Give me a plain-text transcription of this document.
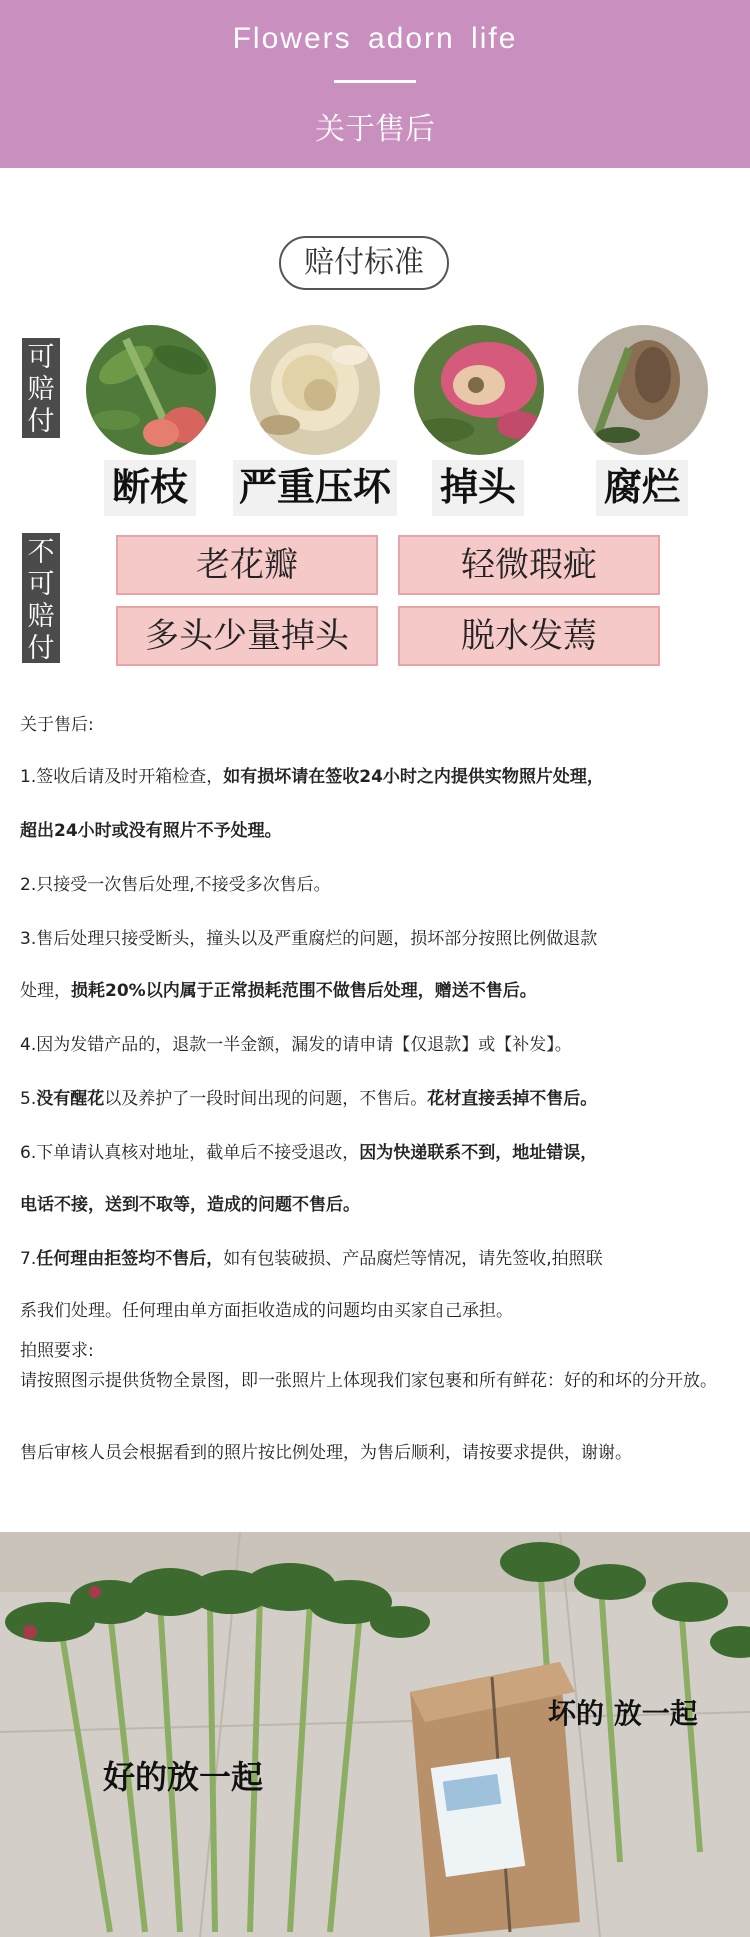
Flowers adorn life
关于售后
赔付标准
可
赔
付
断枝 严重压坏 掉头 腐烂
不
可
赔
付
老花瓣	轻微瑕疵
多头少量掉头	脱水发蔫

关于售后:

1.签收后请及时开箱检查，如有损坏请在签收24小时之内提供实物照片处理，

超出24小时或没有照片不予处理。

2.只接受一次售后处理,不接受多次售后。

3.售后处理只接受断头，撞头以及严重腐烂的问题，损坏部分按照比例做退款

处理，损耗20%以内属于正常损耗范围不做售后处理，赠送不售后。

4.因为发错产品的，退款一半金额，漏发的请申请【仅退款】或【补发】。

5.没有醒花以及养护了一段时间出现的问题，不售后。花材直接丢掉不售后。

6.下单请认真核对地址，截单后不接受退改，因为快递联系不到，地址错误，

电话不接，送到不取等，造成的问题不售后。

7.任何理由拒签均不售后，如有包装破损、产品腐烂等情况，请先签收,拍照联

系我们处理。任何理由单方面拒收造成的问题均由买家自己承担。

拍照要求:

请按照图示提供货物全景图，即一张照片上体现我们家包裹和所有鲜花：好的和坏的分开放。

售后审核人员会根据看到的照片按比例处理，为售后顺利，请按要求提供，谢谢。

好的放一起
坏的 放一起
